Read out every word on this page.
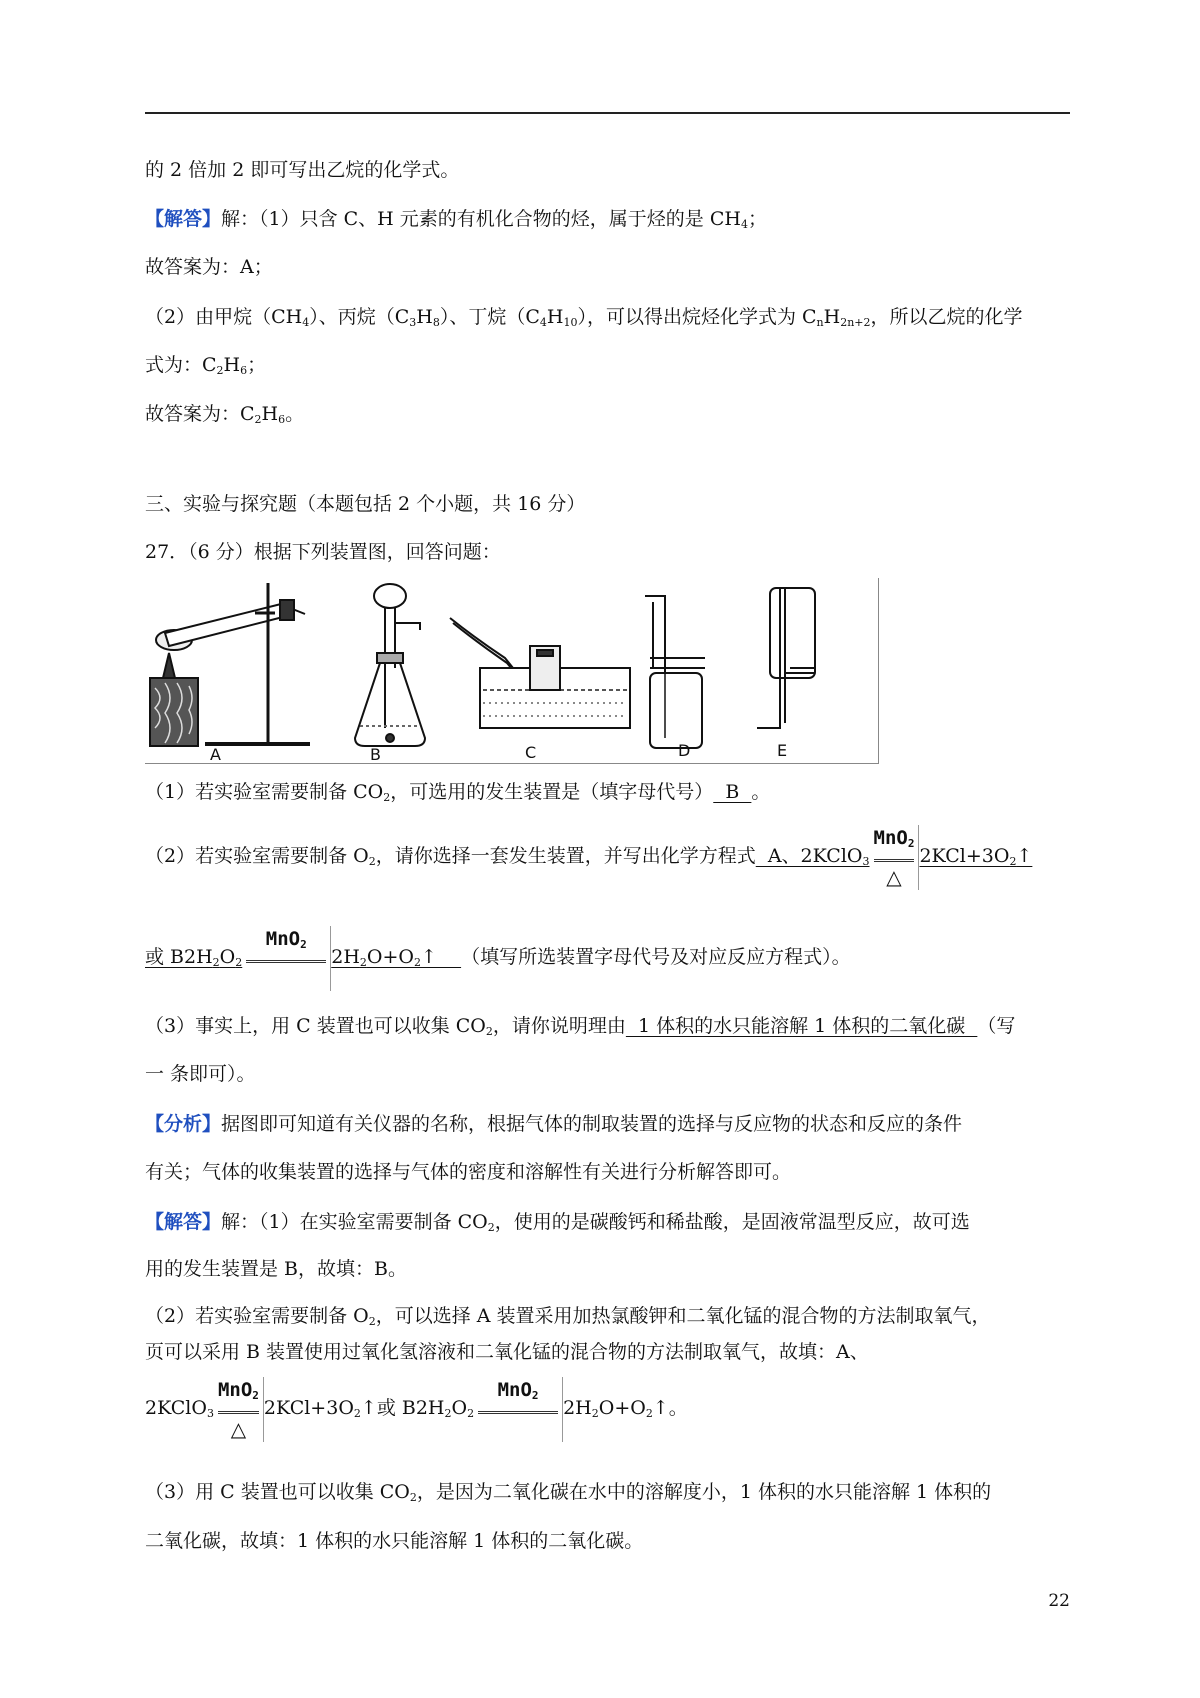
的 2 倍加 2 即可写出乙烷的化学式。
【解答】解：（1）只含 C、H 元素的有机化合物的烃，属于烃的是 $CH_4$；
故答案为：A；
（2）由甲烷$(CH_4)$、丙烷$(C_3H_8)$、丁烷$(C_4H_{10})$，可以得出烷烃化学式为 $C_nH_{2n+2}$，所以乙烷的化学
式为：$C_2H_6$；
故答案为：$C_2H_6$。
三、实验与探究题（本题包括 2 个小题，共 16 分）
27．（6 分）根据下列装置图，回答问题：
A	B	C	D	E
（1）若实验室需要制备 $CO_2$，可选用的发生装置是（填字母代号）  B  。
（2）若实验室需要制备 $O_2$，请你选择一套发生装置，并写出化学方程式  A、2KClO$_3$ $\frac{MnO_2}{\triangle}$ $2KCl+3O_2↑$
或 $B2H_2O_2$
MnO$_2$
$2H_2O+O_2↑$    （填写所选装置字母代号及对应反应方程式）。
（3）事实上，用 C 装置也可以收集 $CO_2$，请你说明理由  1 体积的水只能溶解 1 体积的二氧化碳  （写
一 条即可）。
【分析】据图即可知道有关仪器的名称，根据气体的制取装置的选择与反应物的状态和反应的条件
有关；气体的收集装置的选择与气体的密度和溶解性有关进行分析解答即可。
【解答】解：（1）在实验室需要制备 $CO_2$，使用的是碳酸钙和稀盐酸，是固液常温型反应，故可选
用的发生装置是 B，故填：B。
（2）若实验室需要制备 $O_2$，可以选择 A 装置采用加热氯酸钾和二氧化锰的混合物的方法制取氧气，
页可以采用 B 装置使用过氧化氢溶液和二氧化锰的混合物的方法制取氧气，故填：A、
2KClO$_3$ $\frac{MnO_2}{\triangle}$ $2KCl+3O_2↑$或 $B2H_2O_2$
MnO$_2$
$2H_2O+O_2↑$。
（3）用 C 装置也可以收集 $CO_2$，是因为二氧化碳在水中的溶解度小，1 体积的水只能溶解 1 体积的
二氧化碳，故填：1 体积的水只能溶解 1 体积的二氧化碳。
22
